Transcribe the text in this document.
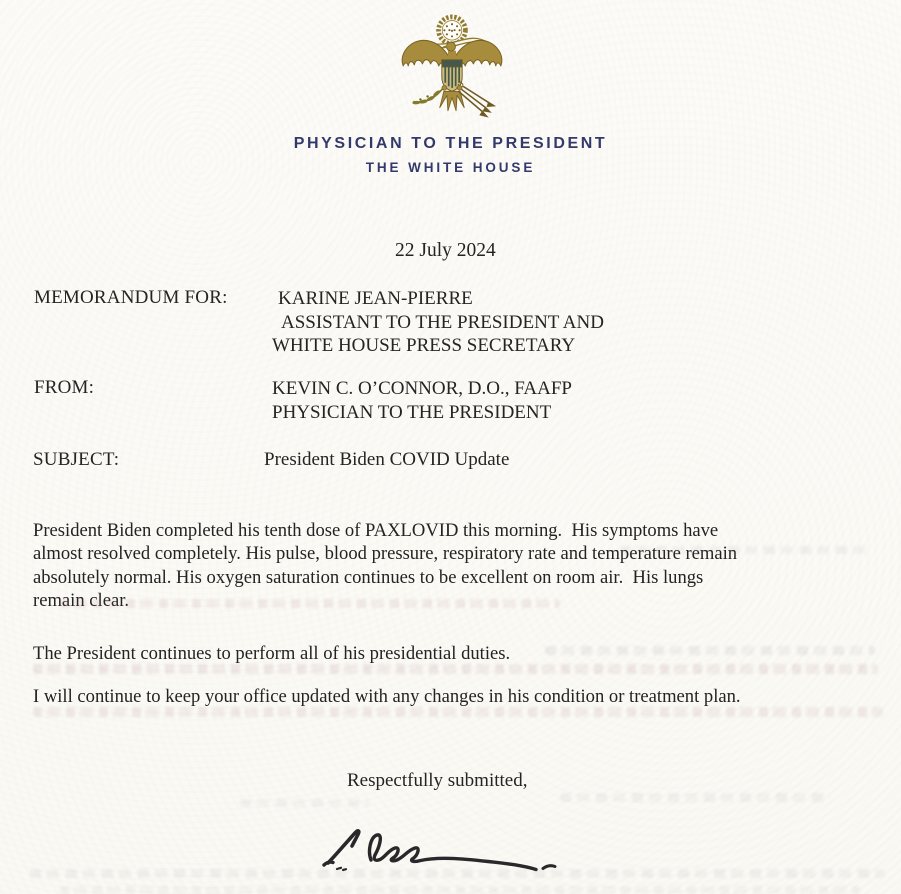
PHYSICIAN TO THE PRESIDENT
THE WHITE HOUSE
22 July 2024
MEMORANDUM FOR:	KARINE JEAN-PIERRE
ASSISTANT TO THE PRESIDENT AND
WHITE HOUSE PRESS SECRETARY
FROM:	KEVIN C. O’CONNOR, D.O., FAAFP
PHYSICIAN TO THE PRESIDENT
SUBJECT:	President Biden COVID Update
President Biden completed his tenth dose of PAXLOVID this morning.  His symptoms have
almost resolved completely. His pulse, blood pressure, respiratory rate and temperature remain
absolutely normal. His oxygen saturation continues to be excellent on room air.  His lungs
remain clear.
The President continues to perform all of his presidential duties.
I will continue to keep your office updated with any changes in his condition or treatment plan.
Respectfully submitted,
